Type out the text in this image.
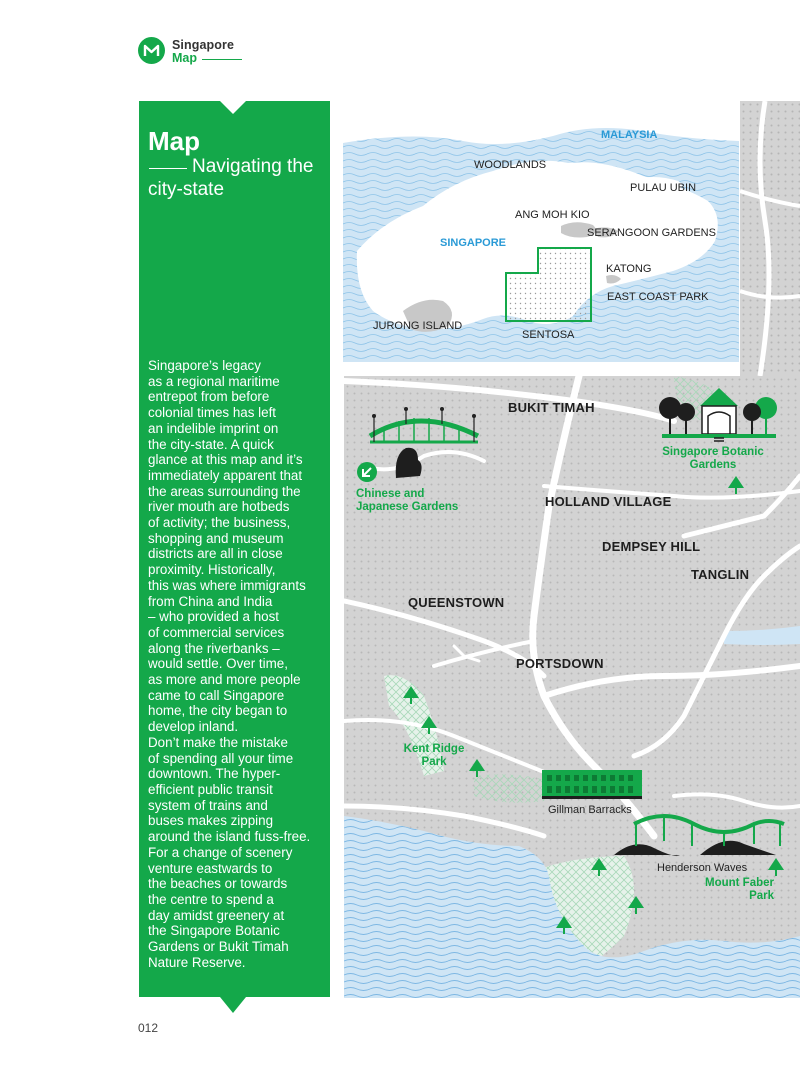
Singapore
Map
Map
Navigating the city-state
Singapore’s legacy
as a regional maritime
entrepot from before
colonial times has left
an indelible imprint on
the city-state. A quick
glance at this map and it’s
immediately apparent that
the areas surrounding the
river mouth are hotbeds
of activity; the business,
shopping and museum
districts are all in close
proximity. Historically,
this was where immigrants
from China and India
– who provided a host
of commercial services
along the riverbanks –
would settle. Over time,
as more and more people
came to call Singapore
home, the city began to
develop inland.
Don’t make the mistake
of spending all your time
downtown. The hyper-
efficient public transit
system of trains and
buses makes zipping
around the island fuss-free.
For a change of scenery
venture eastwards to
the beaches or towards
the centre to spend a
day amidst greenery at
the Singapore Botanic
Gardens or Bukit Timah
Nature Reserve.
MALAYSIA
WOODLANDS
PULAU UBIN
ANG MOH KIO
SERANGOON GARDENS
SINGAPORE
KATONG
EAST COAST PARK
JURONG ISLAND
SENTOSA
BUKIT TIMAH
HOLLAND VILLAGE
DEMPSEY HILL
TANGLIN
QUEENSTOWN
PORTSDOWN
Singapore Botanic Gardens
Chinese and Japanese Gardens
Kent Ridge Park
Gillman Barracks
Henderson Waves
Mount Faber Park
012
